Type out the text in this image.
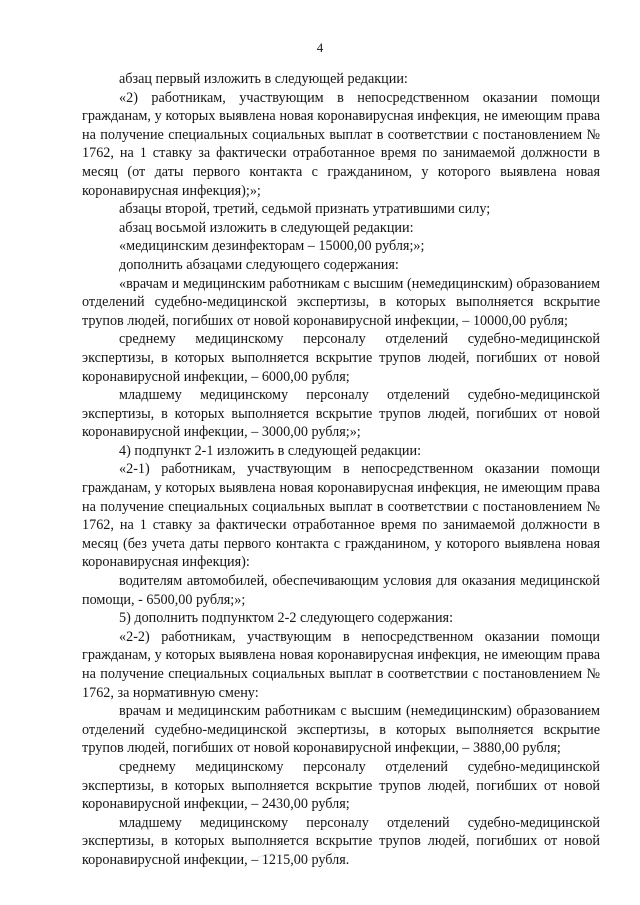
4

абзац первый изложить в следующей редакции:

«2) работникам, участвующим в непосредственном оказании помощи гражданам, у которых выявлена новая коронавирусная инфекция, не имеющим права на получение специальных социальных выплат в соответствии с постановлением № 1762, на 1 ставку за фактически отработанное время по занимаемой должности в месяц (от даты первого контакта с гражданином, у которого выявлена новая коронавирусная инфекция);»;

абзацы второй, третий, седьмой признать утратившими силу;

абзац восьмой изложить в следующей редакции:

«медицинским дезинфекторам – 15000,00 рубля;»;

дополнить абзацами следующего содержания:

«врачам и медицинским работникам с высшим (немедицинским) образованием отделений судебно-медицинской экспертизы, в которых выполняется вскрытие трупов людей, погибших от новой коронавирусной инфекции, – 10000,00 рубля;

среднему медицинскому персоналу отделений судебно-медицинской экспертизы, в которых выполняется вскрытие трупов людей, погибших от новой коронавирусной инфекции, – 6000,00 рубля;

младшему медицинскому персоналу отделений судебно-медицинской экспертизы, в которых выполняется вскрытие трупов людей, погибших от новой коронавирусной инфекции, – 3000,00 рубля;»;

4) подпункт 2-1 изложить в следующей редакции:

«2-1) работникам, участвующим в непосредственном оказании помощи гражданам, у которых выявлена новая коронавирусная инфекция, не имеющим права на получение специальных социальных выплат в соответствии с постановлением № 1762, на 1 ставку за фактически отработанное время по занимаемой должности в месяц (без учета даты первого контакта с гражданином, у которого выявлена новая коронавирусная инфекция):

водителям автомобилей, обеспечивающим условия для оказания медицинской помощи, - 6500,00 рубля;»;

5) дополнить подпунктом 2-2 следующего содержания:

«2-2) работникам, участвующим в непосредственном оказании помощи гражданам, у которых выявлена новая коронавирусная инфекция, не имеющим права на получение специальных социальных выплат в соответствии с постановлением № 1762, за нормативную смену:

врачам и медицинским работникам с высшим (немедицинским) образованием отделений судебно-медицинской экспертизы, в которых выполняется вскрытие трупов людей, погибших от новой коронавирусной инфекции, – 3880,00 рубля;

среднему медицинскому персоналу отделений судебно-медицинской экспертизы, в которых выполняется вскрытие трупов людей, погибших от новой коронавирусной инфекции, – 2430,00 рубля;

младшему медицинскому персоналу отделений судебно-медицинской экспертизы, в которых выполняется вскрытие трупов людей, погибших от новой коронавирусной инфекции, – 1215,00 рубля.
